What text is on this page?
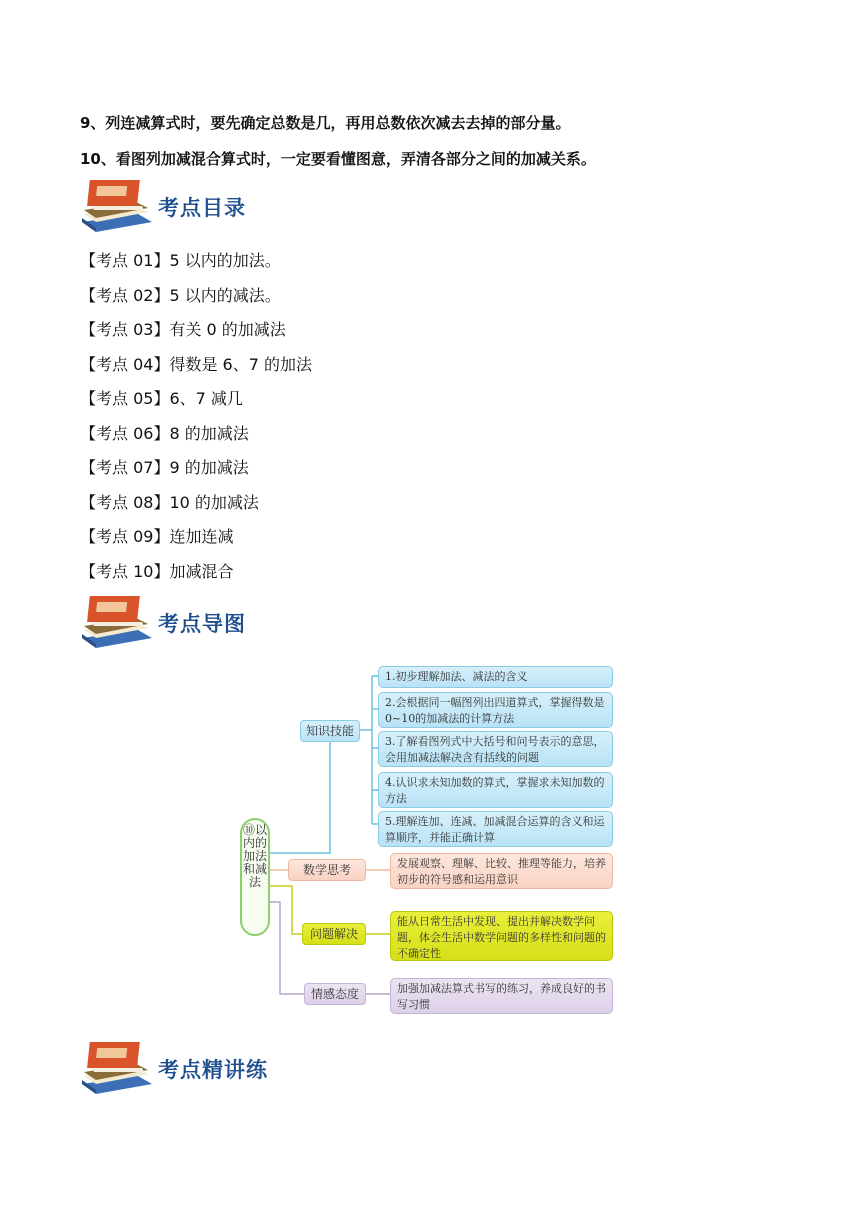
9、列连减算式时，要先确定总数是几，再用总数依次减去去掉的部分量。
10、看图列加减混合算式时，一定要看懂图意，弄清各部分之间的加减关系。
考点目录
【考点 01】5 以内的加法。
【考点 02】5 以内的减法。
【考点 03】有关 0 的加减法
【考点 04】得数是 6、7 的加法
【考点 05】6、7 减几
【考点 06】8 的加减法
【考点 07】9 的加减法
【考点 08】10 的加减法
【考点 09】连加连减
【考点 10】加减混合
考点导图
⑩以内的加法和减法
知识技能
数学思考
问题解决
情感态度
1.初步理解加法、减法的含义
2.会根据同一幅图列出四道算式，掌握得数是0~10的加减法的计算方法
3.了解看图列式中大括号和问号表示的意思，会用加减法解决含有括线的问题
4.认识求未知加数的算式，掌握求未知加数的方法
5.理解连加、连减、加减混合运算的含义和运算顺序，并能正确计算
发展观察、理解、比较、推理等能力，培养初步的符号感和运用意识
能从日常生活中发现、提出并解决数学问题，体会生活中数学问题的多样性和问题的不确定性
加强加减法算式书写的练习，养成良好的书写习惯
考点精讲练
